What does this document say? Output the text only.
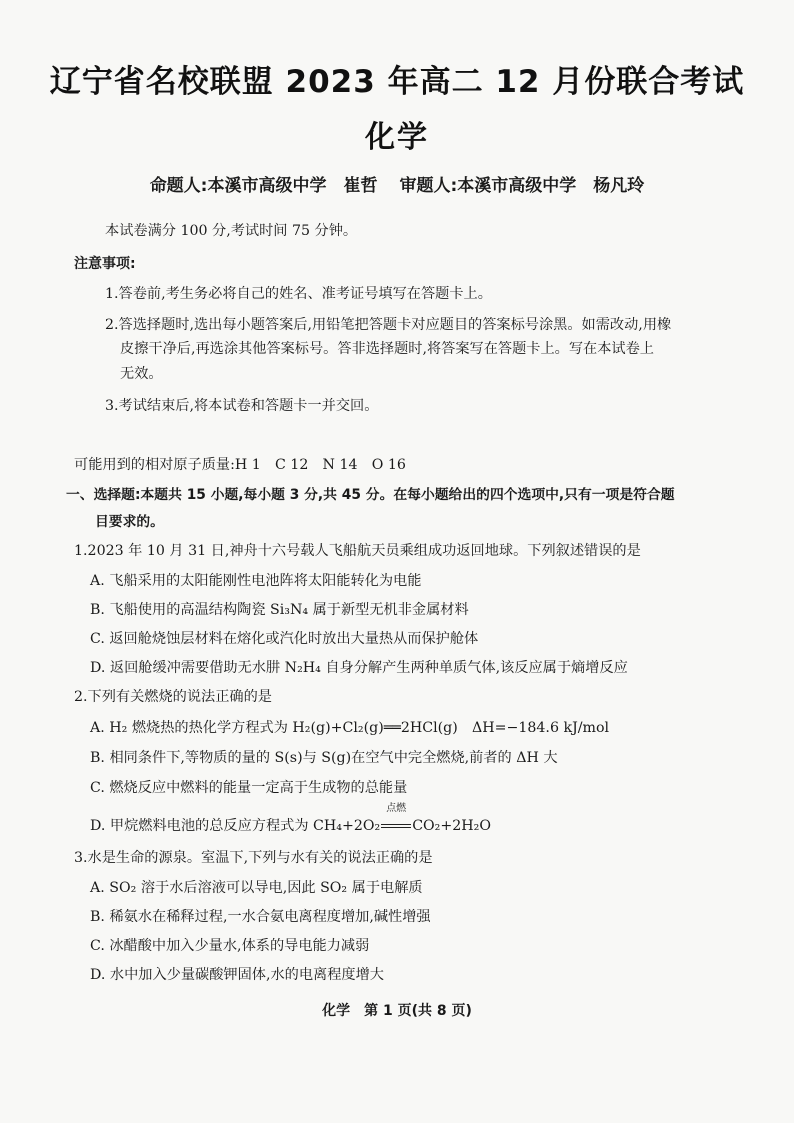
辽宁省名校联盟 2023 年高二 12 月份联合考试
化学
命题人:本溪市高级中学　崔哲 审题人:本溪市高级中学　杨凡玲
本试卷满分 100 分,考试时间 75 分钟。
注意事项:
1.答卷前,考生务必将自己的姓名、准考证号填写在答题卡上。
2.答选择题时,选出每小题答案后,用铅笔把答题卡对应题目的答案标号涂黑。如需改动,用橡
皮擦干净后,再选涂其他答案标号。答非选择题时,将答案写在答题卡上。写在本试卷上
无效。
3.考试结束后,将本试卷和答题卡一并交回。
可能用到的相对原子质量:H 1　C 12　N 14　O 16
一、选择题:本题共 15 小题,每小题 3 分,共 45 分。在每小题给出的四个选项中,只有一项是符合题
目要求的。
1.2023 年 10 月 31 日,神舟十六号载人飞船航天员乘组成功返回地球。下列叙述错误的是
A. 飞船采用的太阳能刚性电池阵将太阳能转化为电能
B. 飞船使用的高温结构陶瓷 Si₃N₄ 属于新型无机非金属材料
C. 返回舱烧蚀层材料在熔化或汽化时放出大量热从而保护舱体
D. 返回舱缓冲需要借助无水肼 N₂H₄ 自身分解产生两种单质气体,该反应属于熵增反应
2.下列有关燃烧的说法正确的是
A. H₂ 燃烧热的热化学方程式为 H₂(g)+Cl₂(g)══2HCl(g)　ΔH=−184.6 kJ/mol
B. 相同条件下,等物质的量的 S(s)与 S(g)在空气中完全燃烧,前者的 ΔH 大
C. 燃烧反应中燃料的能量一定高于生成物的总能量
D. 甲烷燃料电池的总反应方程式为 CH₄+2O₂
点燃
CO₂+2H₂O
3.水是生命的源泉。室温下,下列与水有关的说法正确的是
A. SO₂ 溶于水后溶液可以导电,因此 SO₂ 属于电解质
B. 稀氨水在稀释过程,一水合氨电离程度增加,碱性增强
C. 冰醋酸中加入少量水,体系的导电能力减弱
D. 水中加入少量碳酸钾固体,水的电离程度增大
化学　第 1 页(共 8 页)
